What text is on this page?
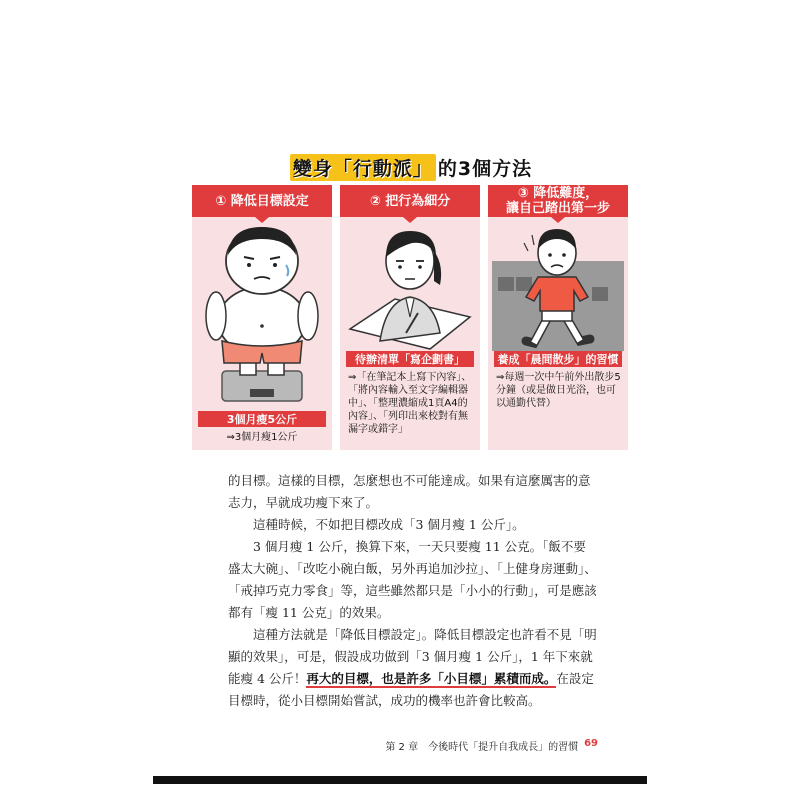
變身「行動派」 的3個方法
① 降低目標設定
3個月瘦5公斤
⇒3個月瘦1公斤
② 把行為細分
待辦清單「寫企劃書」
⇒「在筆記本上寫下內容」、「將內容輸入至文字編輯器中」、「整理濃縮成1頁A4的內容」、「列印出來校對有無漏字或錯字」
③ 降低難度，
讓自己踏出第一步
養成「晨間散步」的習慣
⇒每週一次中午前外出散步5分鐘（或是做日光浴，也可以通勤代替）

的目標。這樣的目標，怎麼想也不可能達成。如果有這麼厲害的意志力，早就成功瘦下來了。

這種時候，不如把目標改成「3 個月瘦 1 公斤」。

3 個月瘦 1 公斤，換算下來，一天只要瘦 11 公克。「飯不要盛太大碗」、「改吃小碗白飯，另外再追加沙拉」、「上健身房運動」、「戒掉巧克力零食」等，這些雖然都只是「小小的行動」，可是應該都有「瘦 11 公克」的效果。

這種方法就是「降低目標設定」。降低目標設定也許看不見「明顯的效果」，可是，假設成功做到「3 個月瘦 1 公斤」，1 年下來就能瘦 4 公斤！再大的目標，也是許多「小目標」累積而成。在設定目標時，從小目標開始嘗試，成功的機率也許會比較高。

第 2 章　今後時代「提升自我成長」的習慣 69
